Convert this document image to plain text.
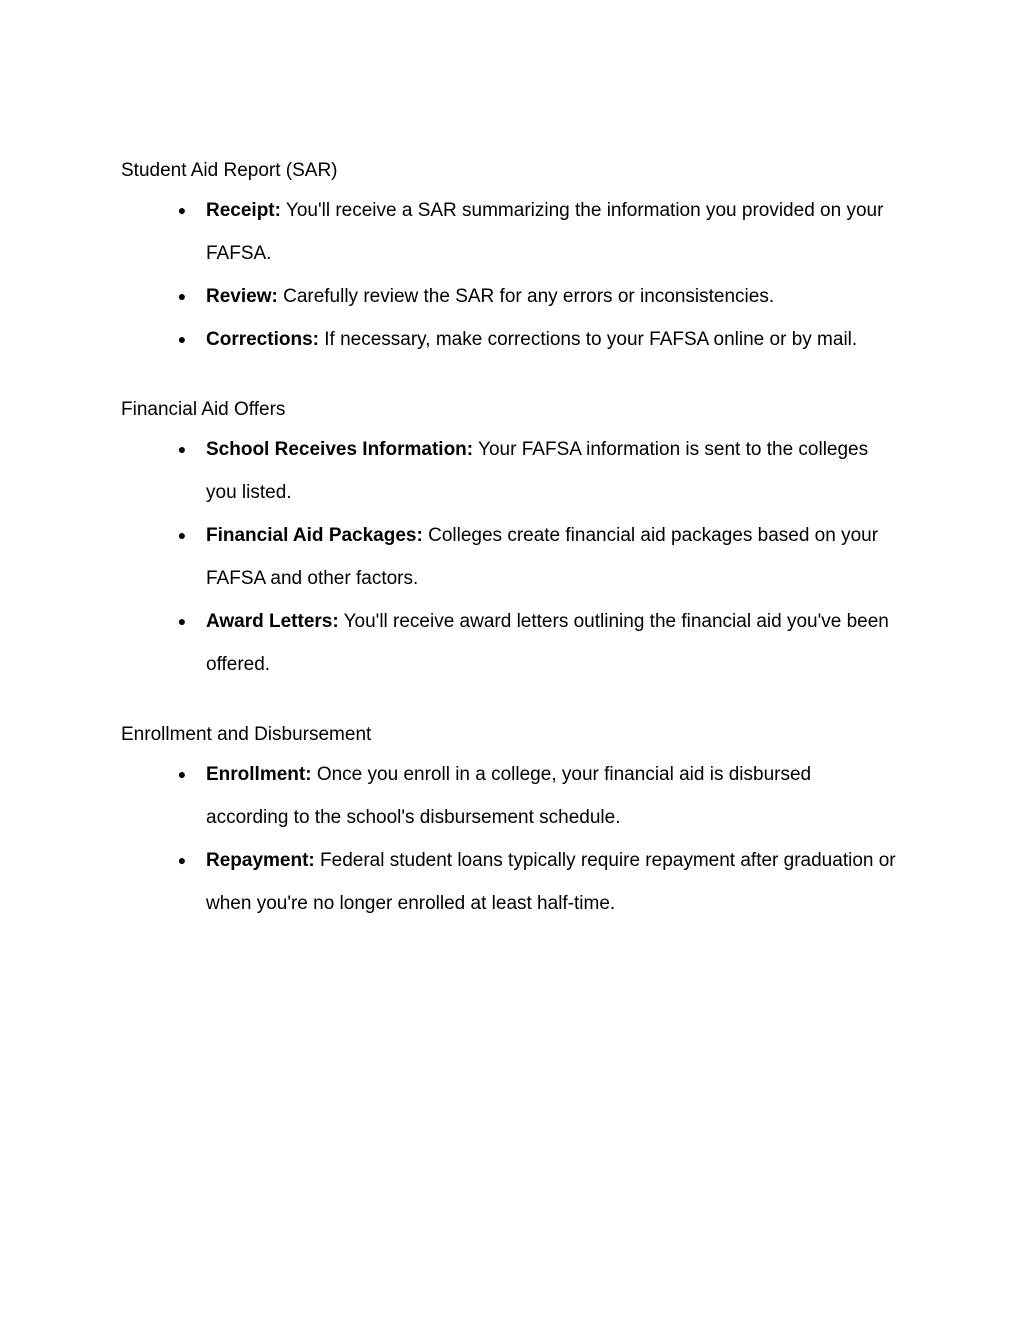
Student Aid Report (SAR)
● Receipt: You'll receive a SAR summarizing the information you provided on your FAFSA.
● Review: Carefully review the SAR for any errors or inconsistencies.
● Corrections: If necessary, make corrections to your FAFSA online or by mail.
Financial Aid Offers
● School Receives Information: Your FAFSA information is sent to the colleges you listed.
● Financial Aid Packages: Colleges create financial aid packages based on your FAFSA and other factors.
● Award Letters: You'll receive award letters outlining the financial aid you've been offered.
Enrollment and Disbursement
● Enrollment: Once you enroll in a college, your financial aid is disbursed according to the school's disbursement schedule.
● Repayment: Federal student loans typically require repayment after graduation or when you're no longer enrolled at least half-time.
